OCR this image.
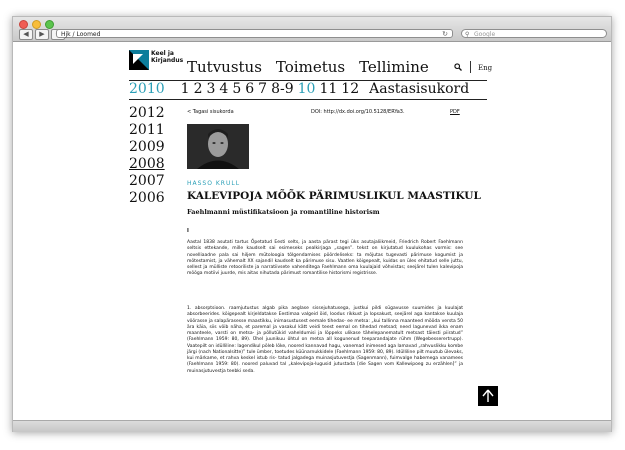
◀	▶	Hjk / Loomed	↻	⚲ Google
Keel ja
Kirjandus Tutvustus Toimetus Tellimine	Eng
2010 1 2 3 4 5 6 7 8-9 10 11 12 Aastasisukord
2012
2011
2009
2008
2007
2006
< Tagasi sisukorda	DOI: http://dx.doi.org/10.5128/ERYa3.	PDF
HASSO KRULL
KALEVIPOJA MÕÕK PÄRIMUSLIKUL MAASTIKUL
Faehlmanni müstifikatsioon ja romantiline historism
I
Aastal 1838 asutati tartus Õpetatud Eesti selts, ja aasta pärast tegi üks asutajaliikmeid, Friedrich Robert Faehlmann seltsis ettekande, mille kaudselt sai esimeseks pealkirjaga „sagen”. tekst on kirjutatud kuulukohas vormis: see novelliaadne pala sai hiljem mütoloogia tõlgendamises põõrdeliseks: ta mõjutas tugevasti pärimuse kogumist ja mõtestamist, ja vähemalt XX sajandil kaudselt ka pärimuse sisu. Vaatlen kõigepealt, kuidas on üles ehitatud selle juttu, sellest ja mülliste retooriliste ja narratiivsete vahenditega Faehlmann oma kuulajaid võhvistas; seejärel tulen kalevipoja mõõga motiivi juurde, mis aitas nihutada pärimust romantilise historismi registrisse.
1. absorptsioon. raamjutustus algab pika aeglase sissejuhatusega, justkui pildi sügavusse suumides ja kuulajat absorbeerides. kõigepealt kirjeldatakse Eestimaa valgeid öid, loodus rikkust ja lopsakust, seejärel aga kantakse kuulaja võõrasse ja salapärasesse maastikku, inimasustusest eemale tihedas- ee metsa: „kui tallinna maanteed mööda versta 50 ära käia, siis võib näha, et paremal ja vasakul kätt veidi teest eemal on tihedad metsad; need lagunevad ikka enam maanteele, varsti on metsa- ja põllutükid vaheldumisi ja lõppeks ulikase tähelepanematult metsast täiesti piiratud” (Faehlmann 1959: 80, 89). Ühel juunikuu õhtul on metsa all kogunenud teeparandajate rühm (Wegebesserertrupp). Vaatepilt on idülliline: lagendikul põleb lõke, noored kannavad hagu, vanemad inimesed aga lamavad „rahvuslikku kombe järgi (nach Nationalsitte)” tule ümber, toetudes küünarnukkidele (Faehlmann 1959: 80, 89). Idülliline pilt muutub ülevaks, kui märkame, et rahva keskel istub ris- tatud jalgadega muinasjutuvestja (Sagenmann), fuimvalge habemega vanamees (Faehlmann 1959: 80). noored paluvad tal „kalevipoja-lugusid jutustada [die Sagen vom Kallewipoeg zu erzählen]” ja muinasjutuvestja teebki seda.
